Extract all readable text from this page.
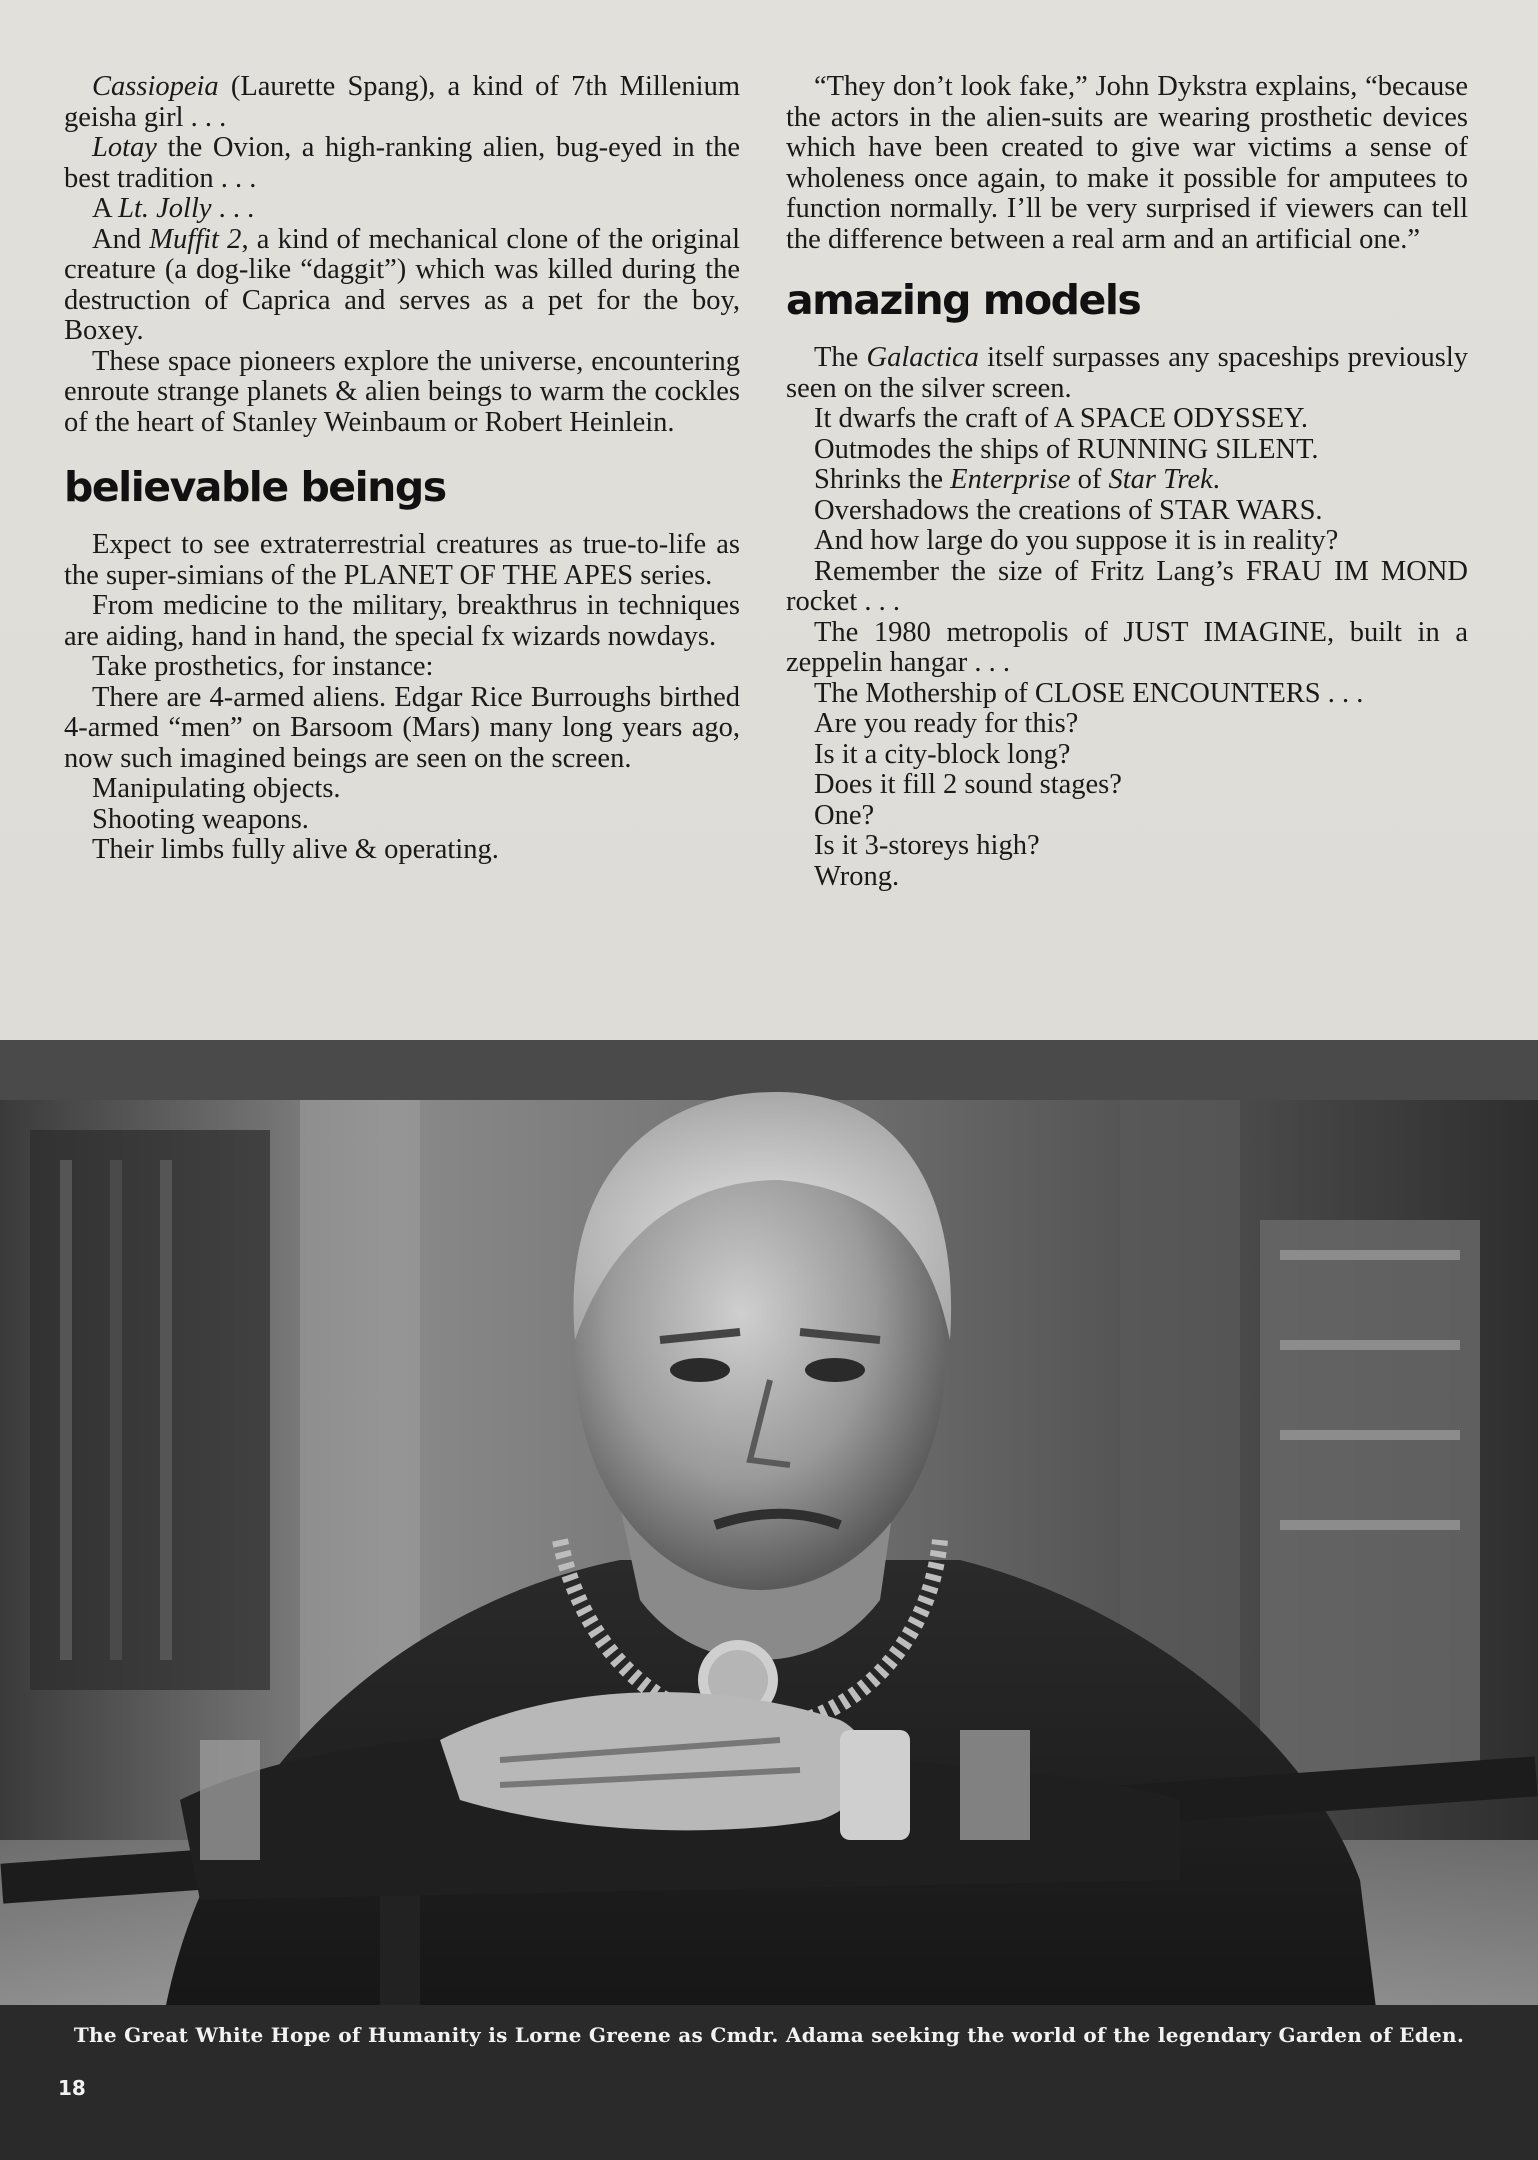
Cassiopeia (Laurette Spang), a kind of 7th Millenium geisha girl . . .

Lotay the Ovion, a high-ranking alien, bug-eyed in the best tradition . . .

A Lt. Jolly . . .

And Muffit 2, a kind of mechanical clone of the original creature (a dog-like “daggit”) which was killed during the destruction of Caprica and serves as a pet for the boy, Boxey.

These space pioneers explore the universe, encountering enroute strange planets & alien beings to warm the cockles of the heart of Stanley Weinbaum or Robert Heinlein.

believable beings

Expect to see extraterrestrial creatures as true-to-life as the super-simians of the PLANET OF THE APES series.

From medicine to the military, breakthrus in techniques are aiding, hand in hand, the special fx wizards nowdays.

Take prosthetics, for instance:

There are 4-armed aliens. Edgar Rice Burroughs birthed 4-armed “men” on Barsoom (Mars) many long years ago, now such imagined beings are seen on the screen.

Manipulating objects.

Shooting weapons.

Their limbs fully alive & operating.

“They don’t look fake,” John Dykstra explains, “because the actors in the alien-suits are wearing prosthetic devices which have been created to give war victims a sense of wholeness once again, to make it possible for amputees to function normally. I’ll be very surprised if viewers can tell the difference between a real arm and an artificial one.”

amazing models

The Galactica itself surpasses any spaceships previously seen on the silver screen.

It dwarfs the craft of A SPACE ODYSSEY.

Outmodes the ships of RUNNING SILENT.

Shrinks the Enterprise of Star Trek.

Overshadows the creations of STAR WARS.

And how large do you suppose it is in reality?

Remember the size of Fritz Lang’s FRAU IM MOND rocket . . .

The 1980 metropolis of JUST IMAGINE, built in a zeppelin hangar . . .

The Mothership of CLOSE ENCOUNTERS . . .

Are you ready for this?

Is it a city-block long?

Does it fill 2 sound stages?

One?

Is it 3-storeys high?

Wrong.

The Great White Hope of Humanity is Lorne Greene as Cmdr. Adama seeking the world of the legendary Garden of Eden.
18
